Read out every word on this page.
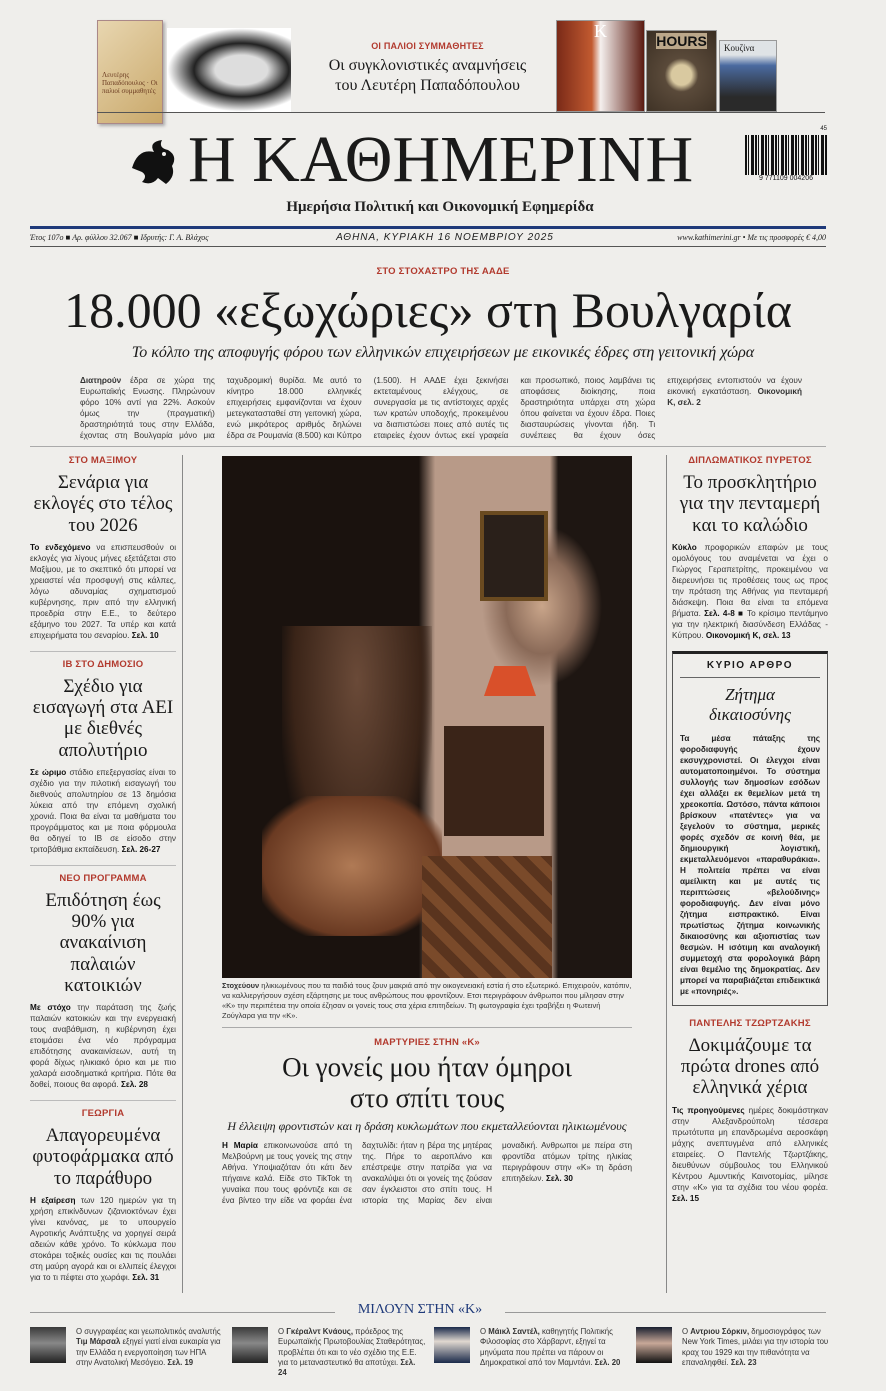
Λευτέρης Παπαδόπουλος · Οι παλιοί συμμαθητές
ΟΙ ΠΑΛΙΟΙ ΣΥΜΜΑΘΗΤΕΣ
Οι συγκλονιστικές αναμνήσεις
του Λευτέρη Παπαδόπουλου
K	HOURS	Κουζίνα
Η ΚΑΘΗΜΕΡΙΝΗ	9 771109 004206
45
Ημερήσια Πολιτική και Οικονομική Εφημερίδα
Έτος 107ο ■ Αρ. φύλλου 32.067 ■ Ιδρυτής: Γ. Α. Βλάχος	ΑΘΗΝΑ, ΚΥΡΙΑΚΗ 16 ΝΟΕΜΒΡΙΟΥ 2025	www.kathimerini.gr • Με τις προσφορές € 4,00
ΣΤΟ ΣΤΟΧΑΣΤΡΟ ΤΗΣ ΑΑΔΕ
18.000 «εξωχώριες» στη Βουλγαρία
Το κόλπο της αποφυγής φόρου των ελληνικών επιχειρήσεων με εικονικές έδρες στη γειτονική χώρα
Διατηρούν έδρα σε χώρα της Ευρωπαϊκής Ενωσης. Πληρώνουν φόρο 10% αντί για 22%. Ασκούν όμως την (πραγματική) δραστηριότητά τους στην Ελλάδα, έχοντας στη Βουλγαρία μόνο μια ταχυδρομική θυρίδα. Με αυτό το κίνητρο 18.000 ελληνικές επιχειρήσεις εμφανίζονται να έχουν μετεγκατασταθεί στη γειτονική χώρα, ενώ μικρότερος αριθμός δηλώνει έδρα σε Ρουμανία (8.500) και Κύπρο (1.500). Η ΑΑΔΕ έχει ξεκινήσει εκτεταμένους ελέγχους, σε συνεργασία με τις αντίστοιχες αρχές των κρατών υποδοχής, προκειμένου να διαπιστώσει ποιες από αυτές τις εταιρείες έχουν όντως εκεί γραφεία και προσωπικό, ποιος λαμβάνει τις αποφάσεις διοίκησης, ποια δραστηριότητα υπάρχει στη χώρα όπου φαίνεται να έχουν έδρα. Ποιες διασταυρώσεις γίνονται ήδη. Τι συνέπειες θα έχουν όσες επιχειρήσεις εντοπιστούν να έχουν εικονική εγκατάσταση. Οικονομική Κ, σελ. 2
ΣΤΟ ΜΑΞΙΜΟΥ
Σενάρια για εκλογές στο τέλος του 2026
Το ενδεχόμενο να επισπευσθούν οι εκλογές για λίγους μήνες εξετάζεται στο Μαξίμου, με το σκεπτικό ότι μπορεί να χρειαστεί νέα προσφυγή στις κάλπες, λόγω αδυναμίας σχηματισμού κυβέρνησης, πριν από την ελληνική προεδρία στην Ε.Ε., το δεύτερο εξάμηνο του 2027. Τα υπέρ και κατά επιχειρήματα του σεναρίου. Σελ. 10
ΙΒ ΣΤΟ ΔΗΜΟΣΙΟ
Σχέδιο για εισαγωγή στα ΑΕΙ με διεθνές απολυτήριο
Σε ώριμο στάδιο επεξεργασίας είναι το σχέδιο για την πιλοτική εισαγωγή του διεθνούς απολυτηρίου σε 13 δημόσια λύκεια από την επόμενη σχολική χρονιά. Ποια θα είναι τα μαθήματα του προγράμματος και με ποια φόρμουλα θα οδηγεί το ΙΒ σε είσοδο στην τριτοβάθμια εκπαίδευση. Σελ. 26-27
ΝΕΟ ΠΡΟΓΡΑΜΜΑ
Επιδότηση έως 90% για ανακαίνιση παλαιών κατοικιών
Με στόχο την παράταση της ζωής παλαιών κατοικιών και την ενεργειακή τους αναβάθμιση, η κυβέρνηση έχει ετοιμάσει ένα νέο πρόγραμμα επιδότησης ανακαινίσεων, αυτή τη φορά δίχως ηλικιακό όριο και με πιο χαλαρά εισοδηματικά κριτήρια. Πότε θα δοθεί, ποιους θα αφορά. Σελ. 28
ΓΕΩΡΓΙΑ
Απαγορευμένα φυτοφάρμακα από το παράθυρο
Η εξαίρεση των 120 ημερών για τη χρήση επικίνδυνων ζιζανιοκτόνων έχει γίνει κανόνας, με το υπουργείο Αγροτικής Ανάπτυξης να χορηγεί σειρά αδειών κάθε χρόνο. Το κύκλωμα που στοκάρει τοξικές ουσίες και τις πουλάει στη μαύρη αγορά και οι ελλιπείς έλεγχοι για το τι πέφτει στο χωράφι. Σελ. 31
Στοχεύουν ηλικιωμένους που τα παιδιά τους ζουν μακριά από την οικογενειακή εστία ή στο εξωτερικό. Επιχειρούν, κατόπιν, να καλλιεργήσουν σχέση εξάρτησης με τους ανθρώπους που φροντίζουν. Ετσι περιγράφουν άνθρωποι που μίλησαν στην «Κ» την περιπέτεια την οποία έζησαν οι γονείς τους στα χέρια επιτηδείων. Τη φωτογραφία έχει τραβήξει η Φωτεινή Ζούγλαρα για την «Κ».
ΜΑΡΤΥΡΙΕΣ ΣΤΗΝ «Κ»
Οι γονείς μου ήταν όμηροι στο σπίτι τους
Η έλλειψη φροντιστών και η δράση κυκλωμάτων που εκμεταλλεύονται ηλικιωμένους
Η Μαρία επικοινωνούσε από τη Μελβούρνη με τους γονείς της στην Αθήνα. Υποψιαζόταν ότι κάτι δεν πήγαινε καλά. Είδε στο TikTok τη γυναίκα που τους φρόντιζε και σε ένα βίντεο την είδε να φοράει ένα δαχτυλίδι: ήταν η βέρα της μητέρας της. Πήρε το αεροπλάνο και επέστρεψε στην πατρίδα για να ανακαλύψει ότι οι γονείς της ζούσαν σαν έγκλειστοι στο σπίτι τους. Η ιστορία της Μαρίας δεν είναι μοναδική. Ανθρωποι με πείρα στη φροντίδα ατόμων τρίτης ηλικίας περιγράφουν στην «Κ» τη δράση επιτηδείων. Σελ. 30
ΔΙΠΛΩΜΑΤΙΚΟΣ ΠΥΡΕΤΟΣ
Το προσκλητήριο για την πενταμερή και το καλώδιο
Κύκλο προφορικών επαφών με τους ομολόγους του αναμένεται να έχει ο Γιώργος Γεραπετρίτης, προκειμένου να διερευνήσει τις προθέσεις τους ως προς την πρόταση της Αθήνας για πενταμερή διάσκεψη. Ποια θα είναι τα επόμενα βήματα. Σελ. 4-8 ■ Το κρίσιμο πεντάμηνο για την ηλεκτρική διασύνδεση Ελλάδας - Κύπρου. Οικονομική Κ, σελ. 13
ΚΥΡΙΟ ΑΡΘΡΟ
Ζήτημα δικαιοσύνης
Τα μέσα πάταξης της φοροδιαφυγής έχουν εκσυγχρονιστεί. Οι έλεγχοι είναι αυτοματοποιημένοι. Το σύστημα συλλογής των δημοσίων εσόδων έχει αλλάξει εκ θεμελίων μετά τη χρεοκοπία. Ωστόσο, πάντα κάποιοι βρίσκουν «πατέντες» για να ξεγελούν το σύστημα, μερικές φορές σχεδόν σε κοινή θέα, με δημιουργική λογιστική, εκμεταλλευόμενοι «παραθυράκια». Η πολιτεία πρέπει να είναι αμείλικτη και με αυτές τις περιπτώσεις «βελούδινης» φοροδιαφυγής. Δεν είναι μόνο ζήτημα εισπρακτικό. Είναι πρωτίστως ζήτημα κοινωνικής δικαιοσύνης και αξιοπιστίας των θεσμών. Η ισότιμη και αναλογική συμμετοχή στα φορολογικά βάρη είναι θεμέλιο της δημοκρατίας. Δεν μπορεί να παραβιάζεται επιδεικτικά με «πονηριές».
ΠΑΝΤΕΛΗΣ ΤΖΩΡΤΖΑΚΗΣ
Δοκιμάζουμε τα πρώτα drones από ελληνικά χέρια
Τις προηγούμενες ημέρες δοκιμάστηκαν στην Αλεξανδρούπολη τέσσερα πρωτότυπα μη επανδρωμένα αεροσκάφη μάχης ανεπτυγμένα από ελληνικές εταιρείες. Ο Παντελής Τζωρτζάκης, διευθύνων σύμβουλος του Ελληνικού Κέντρου Αμυντικής Καινοτομίας, μίλησε στην «Κ» για τα σχέδια του νέου φορέα. Σελ. 15
ΜΙΛΟΥΝ ΣΤΗΝ «Κ»
Ο συγγραφέας και γεωπολιτικός αναλυτής Τιμ Μάρσαλ εξηγεί γιατί είναι ευκαιρία για την Ελλάδα η ενεργοποίηση των ΗΠΑ στην Ανατολική Μεσόγειο. Σελ. 19
Ο Γκέραλντ Κνάους, πρόεδρος της Ευρωπαϊκής Πρωτοβουλίας Σταθερότητας, προβλέπει ότι και το νέο σχέδιο της Ε.Ε. για το μεταναστευτικό θα αποτύχει. Σελ. 24
Ο Μάικλ Σαντέλ, καθηγητής Πολιτικής Φιλοσοφίας στο Χάρβαρντ, εξηγεί τα μηνύματα που πρέπει να πάρουν οι Δημοκρατικοί από τον Μαμντάνι. Σελ. 20
Ο Αντριου Σόρκιν, δημοσιογράφος των New York Times, μιλάει για την ιστορία του κραχ του 1929 και την πιθανότητα να επαναληφθεί. Σελ. 23
